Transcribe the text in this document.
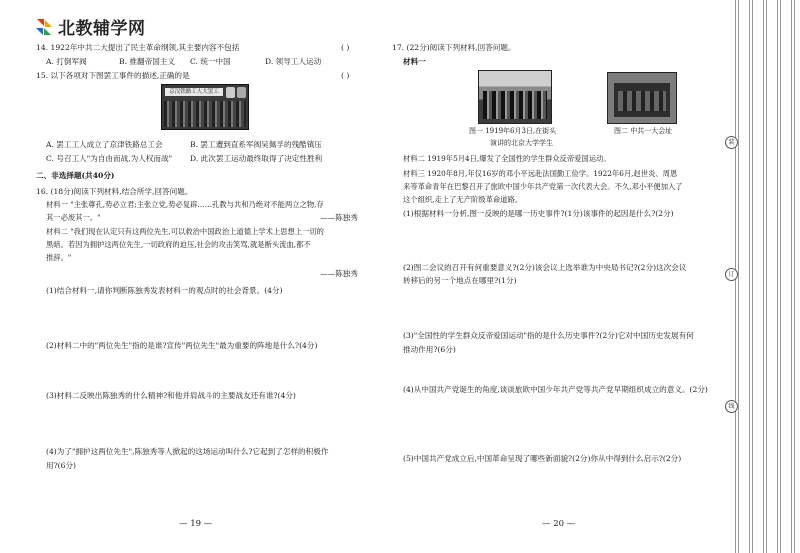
北教辅学网
14. 1922年中共二大提出了民主革命纲领,其主要内容不包括	( )
A. 打倒军阀	B. 推翻帝国主义 C. 统一中国	D. 领导工人运动
15. 以下各项对下图罢工事件的描述,正确的是	( )
京汉铁路工人大罢工
A. 罢工工人成立了京津铁路总工会	B. 罢工遭到直系军阀吴佩孚的残酷镇压
C. 号召工人"为自由而战,为人权而战" D. 此次罢工运动最终取得了决定性胜利
二、非选择题(共40分)
16. (18分)阅读下列材料,结合所学,回答问题。
材料一 "主张尊孔,势必立君;主张立党,势必复辟……孔教与共和乃绝对不能两立之物,存
其一必废其一。"	——陈独秀
材料二 "我们现在认定只有这两位先生,可以救治中国政治上道德上学术上思想上一切的
黑暗。若因为拥护这两位先生,一切政府的迫压,社会的攻击笑骂,就是断头流血,都不
推辞。"
——陈独秀
(1)结合材料一,请你判断陈独秀发表材料一的观点时的社会背景。(4分)
(2)材料二中的"两位先生"指的是谁?宣传"两位先生"最为重要的阵地是什么?(4分)
(3)材料二反映出陈独秀的什么精神?和他并肩战斗的主要战友还有谁?(4分)
(4)为了"拥护这两位先生",陈独秀等人掀起的这场运动叫什么?它起到了怎样的积极作
用?(6分)
— 19 —
17. (22分)阅读下列材料,回答问题。
材料一
图一 1919年6月3日,在街头
演讲的北京大学学生
图二 中共一大会址
材料二 1919年5月4日,爆发了全国性的学生群众反帝爱国运动。
材料三 1920年8月,年仅16岁的邓小平远赴法国勤工俭学。1922年6月,赵世炎、周恩
来等革命青年在巴黎召开了旅欧中国少年共产党第一次代表大会。不久,邓小平便加入了
这个组织,走上了无产阶级革命道路。
(1)根据材料一分析,图一反映的是哪一历史事件?(1分)该事件的起因是什么?(2分)
(2)图二会议的召开有何重要意义?(2分)该会议上选举谁为中央局书记?(2分)这次会议
转移后的另一个地点在哪里?(1分)
(3)"全国性的学生群众反帝爱国运动"指的是什么历史事件?(2分)它对中国历史发展有何
推动作用?(6分)
(4)从中国共产党诞生的角度,谈谈旅欧中国少年共产党等共产党早期组织成立的意义。(2分)
(5)中国共产党成立后,中国革命呈现了哪些新面貌?(2分)你从中得到什么启示?(2分)
— 20 —
装
订
线
